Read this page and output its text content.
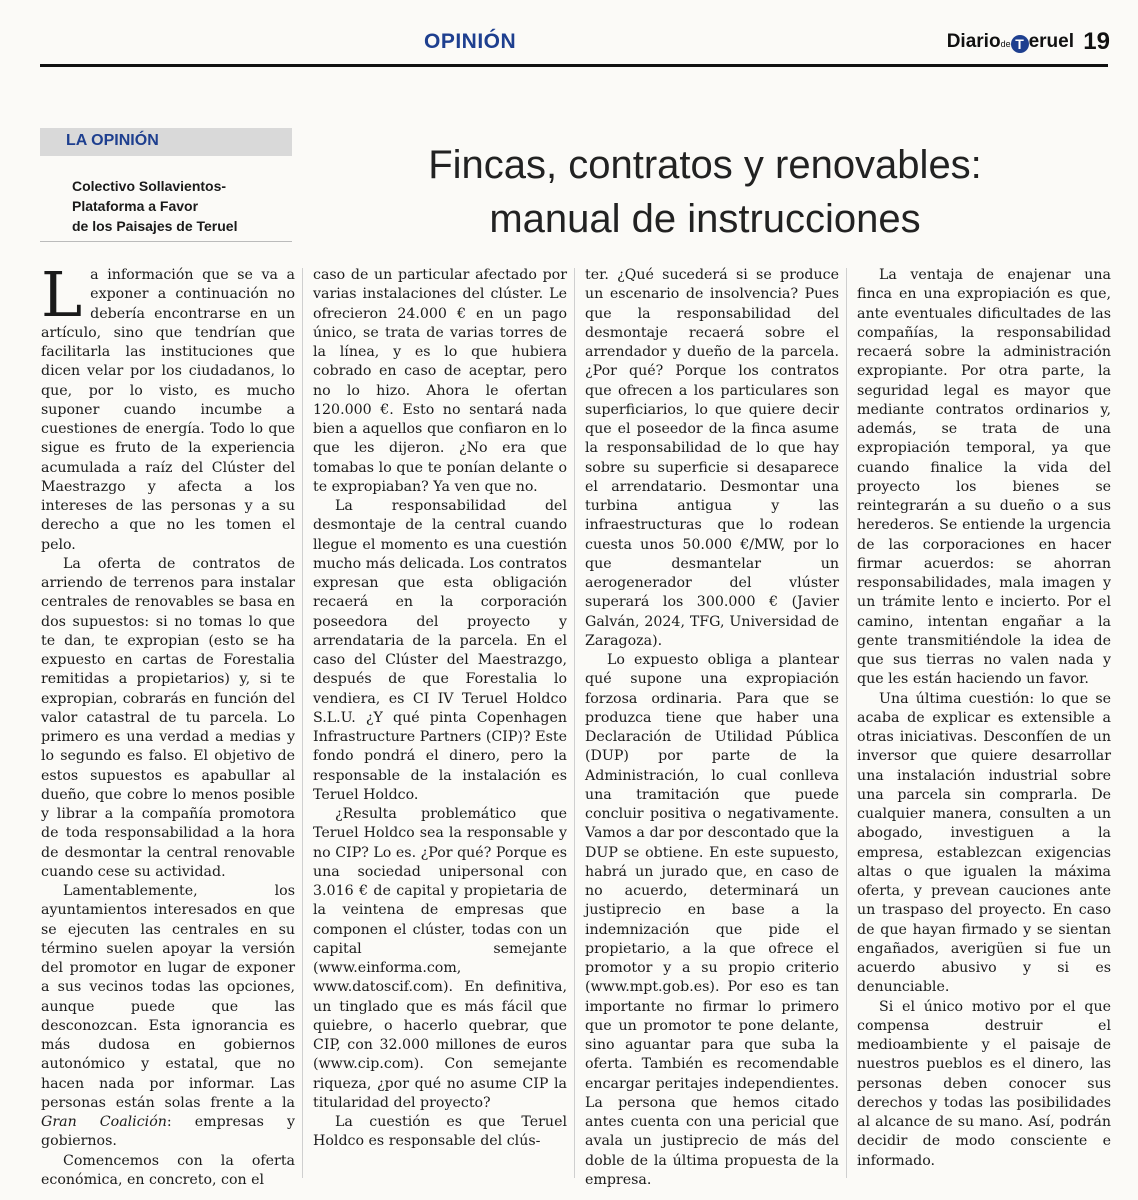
OPINIÓN	Diariode T eruel 19
LA OPINIÓN
Colectivo Sollavientos-
Plataforma a Favor
de los Paisajes de Teruel
Fincas, contratos y renovables:
manual de instrucciones

La información que se va a exponer a continuación no debería encontrarse en un artículo, sino que tendrían que facilitarla las instituciones que dicen velar por los ciudadanos, lo que, por lo visto, es mucho suponer cuando incumbe a cuestiones de energía. Todo lo que sigue es fruto de la experiencia acumulada a raíz del Clúster del Maestrazgo y afecta a los intereses de las personas y a su derecho a que no les tomen el pelo.

La oferta de contratos de arriendo de terrenos para instalar centrales de renovables se basa en dos supuestos: si no tomas lo que te dan, te expropian (esto se ha expuesto en cartas de Forestalia remitidas a propietarios) y, si te expropian, cobrarás en función del valor catastral de tu parcela. Lo primero es una verdad a medias y lo segundo es falso. El objetivo de estos supuestos es apabullar al dueño, que cobre lo menos posible y librar a la compañía promotora de toda responsabilidad a la hora de desmontar la central renovable cuando cese su actividad.

Lamentablemente, los ayuntamientos interesados en que se ejecuten las centrales en su término suelen apoyar la versión del promotor en lugar de exponer a sus vecinos todas las opciones, aunque puede que las desconozcan. Esta ignorancia es más dudosa en gobiernos autonómico y estatal, que no hacen nada por informar. Las personas están solas frente a la Gran Coalición: empresas y gobiernos.

Comencemos con la oferta económica, en concreto, con el

caso de un particular afectado por varias instalaciones del clúster. Le ofrecieron 24.000 € en un pago único, se trata de varias torres de la línea, y es lo que hubiera cobrado en caso de aceptar, pero no lo hizo. Ahora le ofertan 120.000 €. Esto no sentará nada bien a aquellos que confiaron en lo que les dijeron. ¿No era que tomabas lo que te ponían delante o te expropiaban? Ya ven que no.

La responsabilidad del desmontaje de la central cuando llegue el momento es una cuestión mucho más delicada. Los contratos expresan que esta obligación recaerá en la corporación poseedora del proyecto y arrendataria de la parcela. En el caso del Clúster del Maestrazgo, después de que Forestalia lo vendiera, es CI IV Teruel Holdco S.L.U. ¿Y qué pinta Copenhagen Infrastructure Partners (CIP)? Este fondo pondrá el dinero, pero la responsable de la instalación es Teruel Holdco.

¿Resulta problemático que Teruel Holdco sea la responsable y no CIP? Lo es. ¿Por qué? Porque es una sociedad unipersonal con 3.016 € de capital y propietaria de la veintena de empresas que componen el clúster, todas con un capital semejante (www.einforma.com, www.datoscif.com). En definitiva, un tinglado que es más fácil que quiebre, o hacerlo quebrar, que CIP, con 32.000 millones de euros (www.cip.com). Con semejante riqueza, ¿por qué no asume CIP la titularidad del proyecto?

La cuestión es que Teruel Holdco es responsable del clús-

ter. ¿Qué sucederá si se produce un escenario de insolvencia? Pues que la responsabilidad del desmontaje recaerá sobre el arrendador y dueño de la parcela. ¿Por qué? Porque los contratos que ofrecen a los particulares son superficiarios, lo que quiere decir que el poseedor de la finca asume la responsabilidad de lo que hay sobre su superficie si desaparece el arrendatario. Desmontar una turbina antigua y las infraestructuras que lo rodean cuesta unos 50.000 €/MW, por lo que desmantelar un aerogenerador del vlúster superará los 300.000 € (Javier Galván, 2024, TFG, Universidad de Zaragoza).

Lo expuesto obliga a plantear qué supone una expropiación forzosa ordinaria. Para que se produzca tiene que haber una Declaración de Utilidad Pública (DUP) por parte de la Administración, lo cual conlleva una tramitación que puede concluir positiva o negativamente. Vamos a dar por descontado que la DUP se obtiene. En este supuesto, habrá un jurado que, en caso de no acuerdo, determinará un justiprecio en base a la indemnización que pide el propietario, a la que ofrece el promotor y a su propio criterio (www.mpt.gob.es). Por eso es tan importante no firmar lo primero que un promotor te pone delante, sino aguantar para que suba la oferta. También es recomendable encargar peritajes independientes. La persona que hemos citado antes cuenta con una pericial que avala un justiprecio de más del doble de la última propuesta de la empresa.

La ventaja de enajenar una finca en una expropiación es que, ante eventuales dificultades de las compañías, la responsabilidad recaerá sobre la administración expropiante. Por otra parte, la seguridad legal es mayor que mediante contratos ordinarios y, además, se trata de una expropiación temporal, ya que cuando finalice la vida del proyecto los bienes se reintegrarán a su dueño o a sus herederos. Se entiende la urgencia de las corporaciones en hacer firmar acuerdos: se ahorran responsabilidades, mala imagen y un trámite lento e incierto. Por el camino, intentan engañar a la gente transmitiéndole la idea de que sus tierras no valen nada y que les están haciendo un favor.

Una última cuestión: lo que se acaba de explicar es extensible a otras iniciativas. Desconfíen de un inversor que quiere desarrollar una instalación industrial sobre una parcela sin comprarla. De cualquier manera, consulten a un abogado, investiguen a la empresa, establezcan exigencias altas o que igualen la máxima oferta, y prevean cauciones ante un traspaso del proyecto. En caso de que hayan firmado y se sientan engañados, averigüen si fue un acuerdo abusivo y si es denunciable.

Si el único motivo por el que compensa destruir el medioambiente y el paisaje de nuestros pueblos es el dinero, las personas deben conocer sus derechos y todas las posibilidades al alcance de su mano. Así, podrán decidir de modo consciente e informado.
